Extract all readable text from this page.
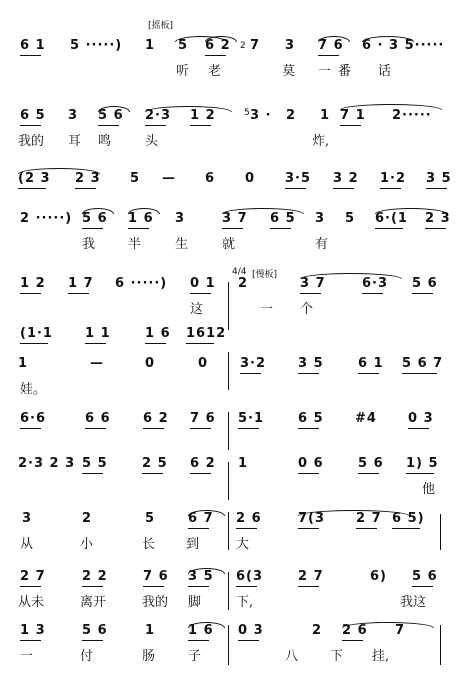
[摇板]
2
5
4/4 [慢板]
6 1 5 ·····) 1 5 6 2 7 3 7 6 6 · 3 5·····
听 老	莫 一 番 话
6 5 3 5 6 2·3 1 2	3 · 2 1 7 1 2·····
我的 耳 鸣	头	炸,
(2 3 2 3 5 — 6 0 3·5 3 2 1·2 3 5
2 ·····) 5 6 1 6 3	3 7 6 5 3 5 6·(1 2 3
我	半	生	就	有
1 2 1 7 6 ·····) 0 1 2	3 7	6·3 5 6
这	一 个
(1·1 1 1	1 6 1612
1	—	0	0 3·2 3 5	6 1 5 6 7
娃。
6·6	6 6 6 2 7 6 5·1	6 5 #4 0 3
2·3 2 3 5 5	2 5 6 2 1	0 6	5 6 1) 5
他
3	2	5	6 7 2 6	7(3 2 7 6 5)
从	小	长 到	大
2 7	2 2	7 6 3 5 6(3	2 7	6) 5 6
从未	离开	我的 脚	下,	我这
1 3	5 6	1	1 6 0 3	2 2 6 7
一	付	肠	子	八 下 挂,
